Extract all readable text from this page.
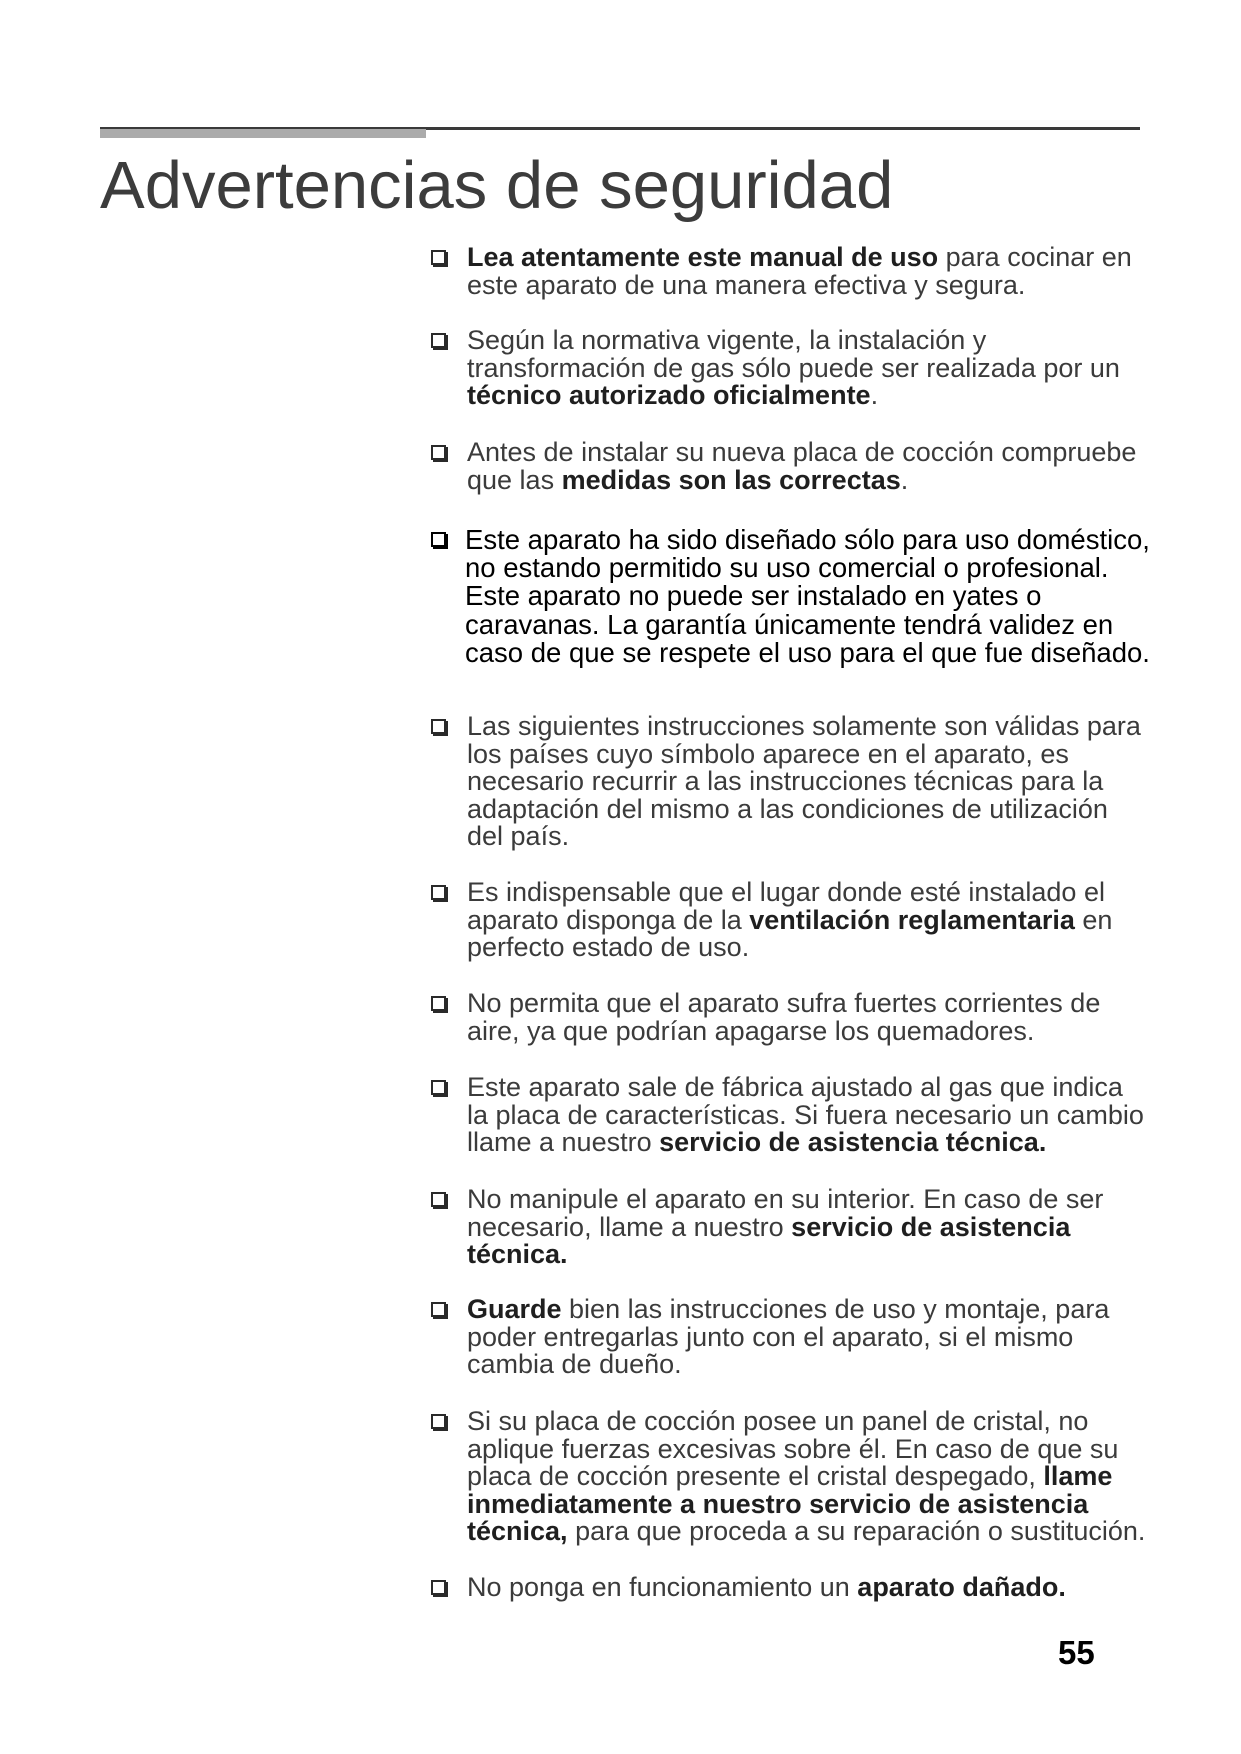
Advertencias de seguridad
Lea atentamente este manual de uso para cocinar en
este aparato de una manera efectiva y segura.
Según la normativa vigente, la instalación y
transformación de gas sólo puede ser realizada por un
técnico autorizado oficialmente.
Antes de instalar su nueva placa de cocción compruebe
que las medidas son las correctas.
Este aparato ha sido diseñado sólo para uso doméstico,
no estando permitido su uso comercial o profesional.
Este aparato no puede ser instalado en yates o
caravanas. La garantía únicamente tendrá validez en
caso de que se respete el uso para el que fue diseñado.
Las siguientes instrucciones solamente son válidas para
los países cuyo símbolo aparece en el aparato, es
necesario recurrir a las instrucciones técnicas para la
adaptación del mismo a las condiciones de utilización
del país.
Es indispensable que el lugar donde esté instalado el
aparato disponga de la ventilación reglamentaria en
perfecto estado de uso.
No permita que el aparato sufra fuertes corrientes de
aire, ya que podrían apagarse los quemadores.
Este aparato sale de fábrica ajustado al gas que indica
la placa de características. Si fuera necesario un cambio
llame a nuestro servicio de asistencia técnica.
No manipule el aparato en su interior. En caso de ser
necesario, llame a nuestro servicio de asistencia
técnica.
Guarde bien las instrucciones de uso y montaje, para
poder entregarlas junto con el aparato, si el mismo
cambia de dueño.
Si su placa de cocción posee un panel de cristal, no
aplique fuerzas excesivas sobre él. En caso de que su
placa de cocción presente el cristal despegado, llame
inmediatamente a nuestro servicio de asistencia
técnica, para que proceda a su reparación o sustitución.
No ponga en funcionamiento un aparato dañado.
55
